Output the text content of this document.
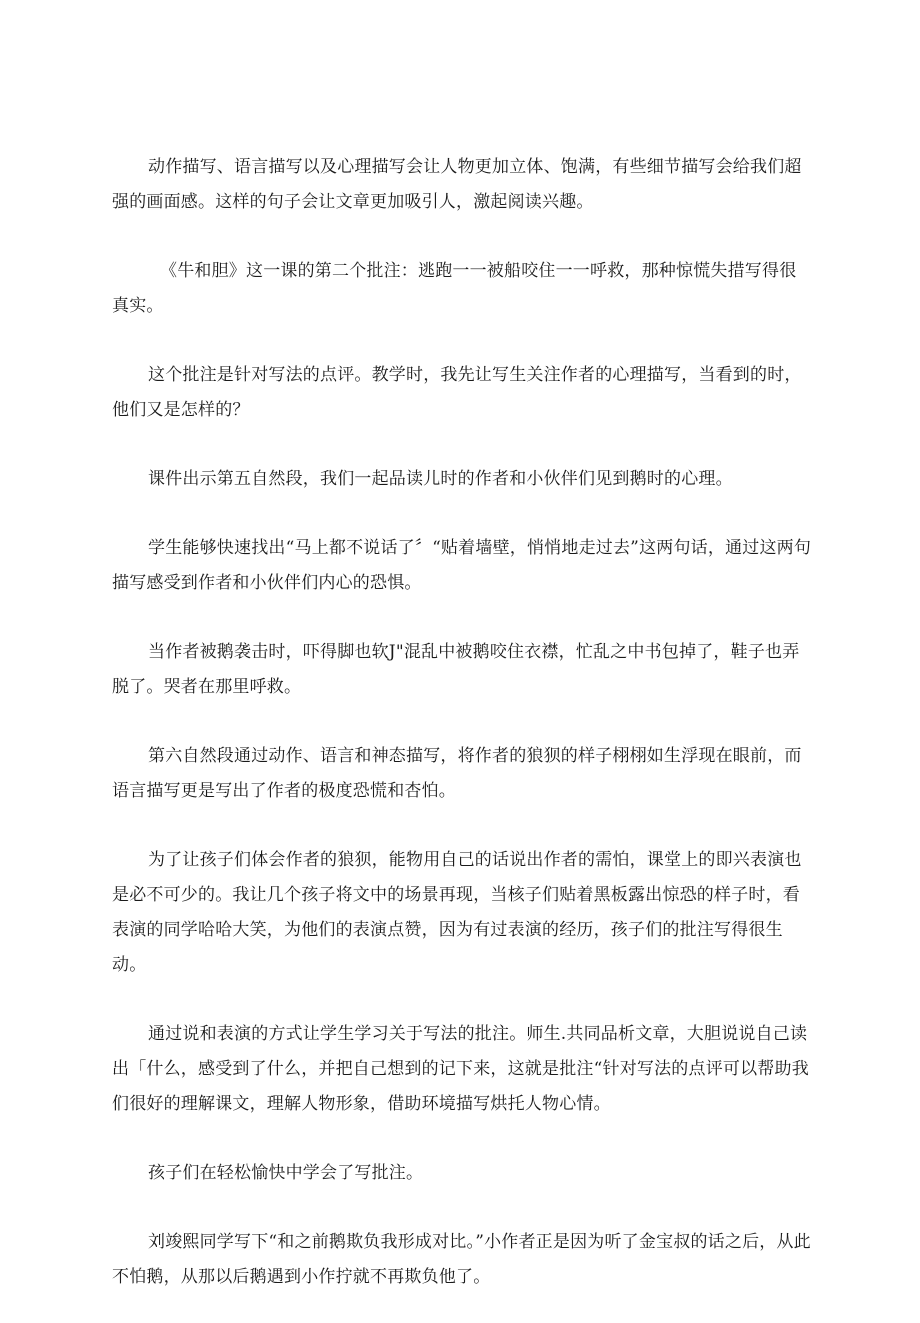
动作描写、语言描写以及心理描写会让人物更加立体、饱满，有些细节描写会给我们超强的画面感。这样的句子会让文章更加吸引人，激起阅读兴趣。

《牛和胆》这一课的第二个批注：逃跑一一被船咬住一一呼救，那种惊慌失措写得很真实。

这个批注是针对写法的点评。教学时，我先让写生关注作者的心理描写，当看到的时，他们又是怎样的？

课件出示第五自然段，我们一起品读儿时的作者和小伙伴们见到鹅时的心理。

学生能够快速找出“马上都不说话了〞“贴着墙壁，悄悄地走过去”这两句话，通过这两句描写感受到作者和小伙伴们内心的恐惧。

当作者被鹅袭击时，吓得脚也软J"混乱中被鹅咬住衣襟，忙乱之中书包掉了，鞋子也弄脱了。哭者在那里呼救。

第六自然段通过动作、语言和神态描写，将作者的狼狈的样子栩栩如生浮现在眼前，而语言描写更是写出了作者的极度恐慌和杏怕。

为了让孩子们体会作者的狼狈，能物用自己的话说出作者的需怕，课堂上的即兴表演也是必不可少的。我让几个孩子将文中的场景再现，当核子们贴着黑板露出惊恐的样子时，看表演的同学哈哈大笑，为他们的表演点赞，因为有过表演的经历，孩子们的批注写得很生动。

通过说和表演的方式让学生学习关于写法的批注。师生.共同品析文章，大胆说说自己读出「什么，感受到了什么，并把自己想到的记下来，这就是批注“针对写法的点评可以帮助我们很好的理解课文，理解人物形象，借助环境描写烘托人物心情。

孩子们在轻松愉快中学会了写批注。

刘竣熙同学写下“和之前鹅欺负我形成对比。”小作者正是因为听了金宝叔的话之后，从此不怕鹅，从那以后鹅遇到小作拧就不再欺负他了。
